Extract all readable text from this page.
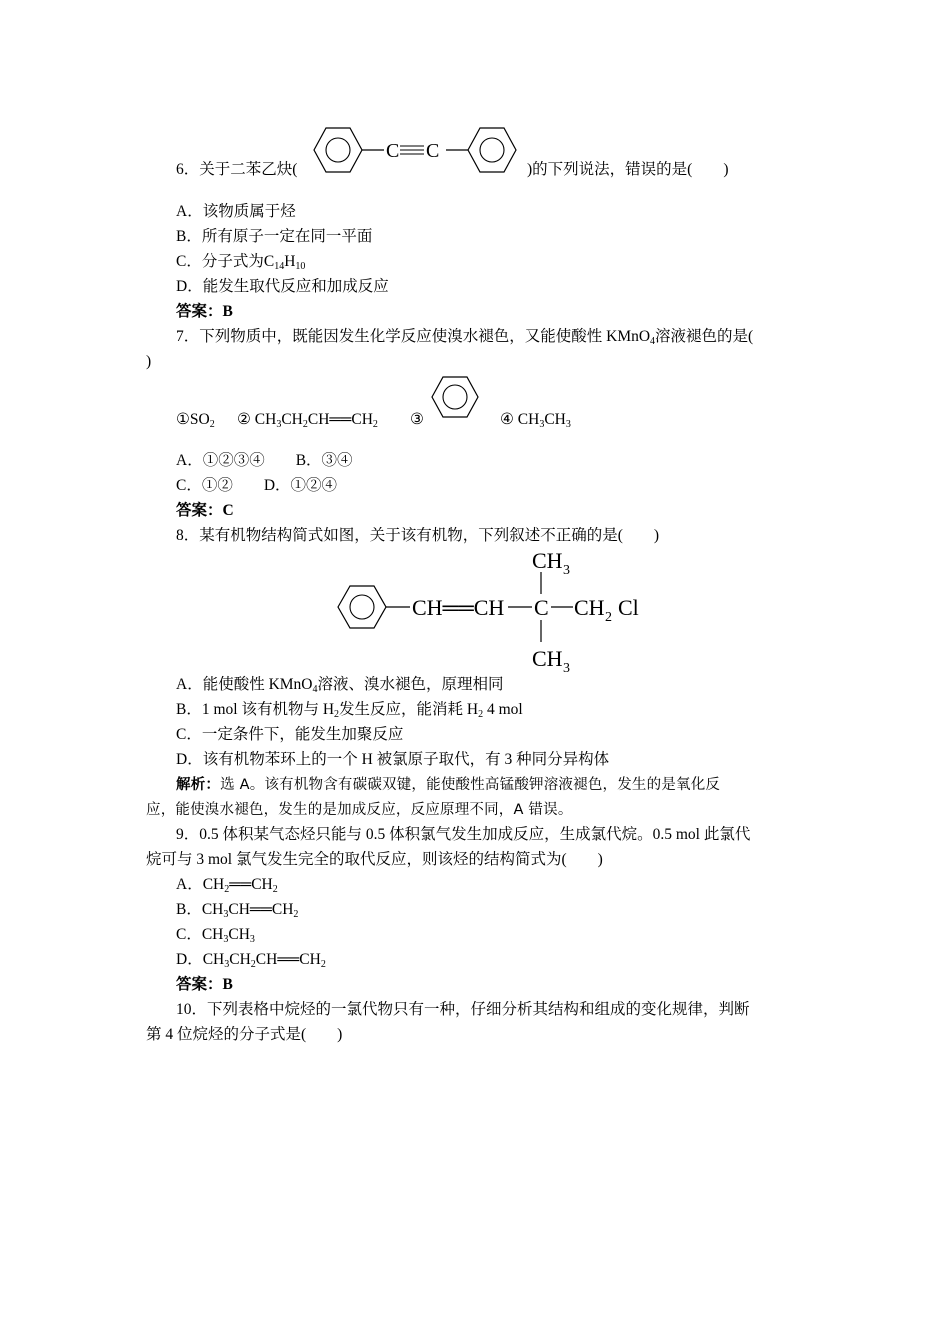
6．关于二苯乙炔(
C C
)的下列说法，错误的是(　　)
A．该物质属于烃
B．所有原子一定在同一平面
C．分子式为C14H10
D．能发生取代反应和加成反应
答案：B
7．下列物质中，既能因发生化学反应使溴水褪色，又能使酸性 KMnO4溶液褪色的是(
)
①SO2 ② CH3CH2CH══CH2 ③	④ CH3CH3
A．①②③④　　B．③④
C．①②　　D．①②④
答案：C
8．某有机物结构简式如图，关于该有机物，下列叙述不正确的是(　　)
CH══CH C
CH 3
CH 3
CH 2 Cl
A．能使酸性 KMnO4溶液、溴水褪色，原理相同
B．1 mol 该有机物与 H2发生反应，能消耗 H2 4 mol
C．一定条件下，能发生加聚反应
D．该有机物苯环上的一个 H 被氯原子取代，有 3 种同分异构体
解析：选 A。该有机物含有碳碳双键，能使酸性高锰酸钾溶液褪色，发生的是氧化反
应，能使溴水褪色，发生的是加成反应，反应原理不同，A 错误。
9．0.5 体积某气态烃只能与 0.5 体积氯气发生加成反应，生成氯代烷。0.5 mol 此氯代
烷可与 3 mol 氯气发生完全的取代反应，则该烃的结构简式为(　　)
A．CH2══CH2
B．CH3CH══CH2
C．CH3CH3
D．CH3CH2CH══CH2
答案：B
10．下列表格中烷烃的一氯代物只有一种，仔细分析其结构和组成的变化规律，判断
第 4 位烷烃的分子式是(　　)
